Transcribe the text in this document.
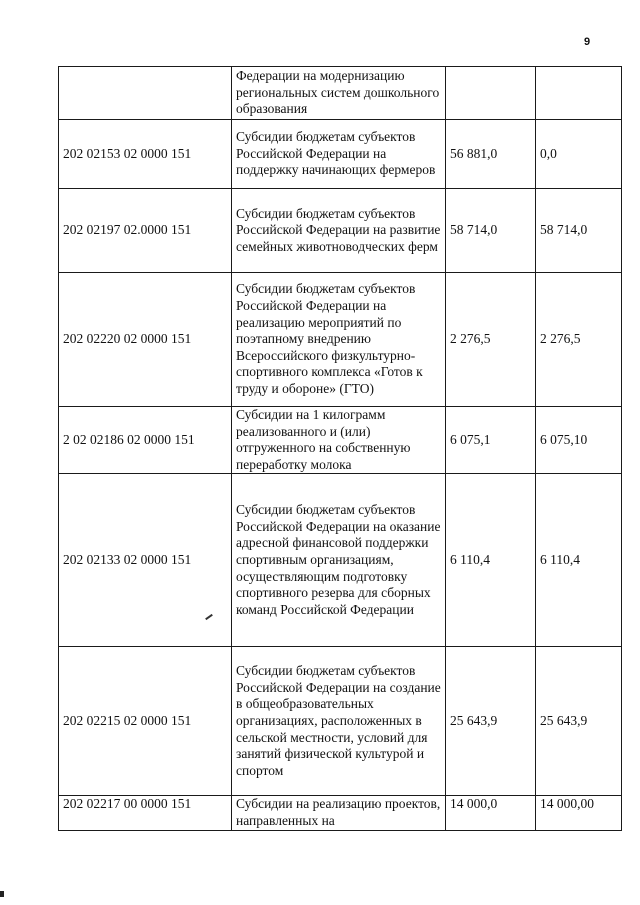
9
	Федерации на модернизацию региональных систем дошкольного образования		
202 02153 02 0000 151	Субсидии бюджетам субъектов Российской Федерации на поддержку начинающих фермеров	56 881,0	0,0
202 02197 02.0000 151	Субсидии бюджетам субъектов Российской Федерации на развитие семейных животноводческих ферм	58 714,0	58 714,0
202 02220 02 0000 151	Субсидии бюджетам субъектов Российской Федерации на реализацию мероприятий по поэтапному внедрению Всероссийского физкультурно-спортивного комплекса «Готов к труду и обороне» (ГТО)	2 276,5	2 276,5
2 02 02186 02 0000 151	Субсидии на 1 килограмм реализованного и (или) отгруженного на собственную переработку молока	6 075,1	6 075,10
202 02133 02 0000 151	Субсидии бюджетам субъектов Российской Федерации на оказание адресной финансовой поддержки спортивным организациям, осуществляющим подготовку спортивного резерва для сборных команд Российской Федерации	6 110,4	6 110,4
202 02215 02 0000 151	Субсидии бюджетам субъектов Российской Федерации на создание в общеобразовательных организациях, расположенных в сельской местности, условий для занятий физической культурой и спортом	25 643,9	25 643,9
202 02217 00 0000 151	Субсидии на реализацию проектов, направленных на	14 000,0	14 000,00
